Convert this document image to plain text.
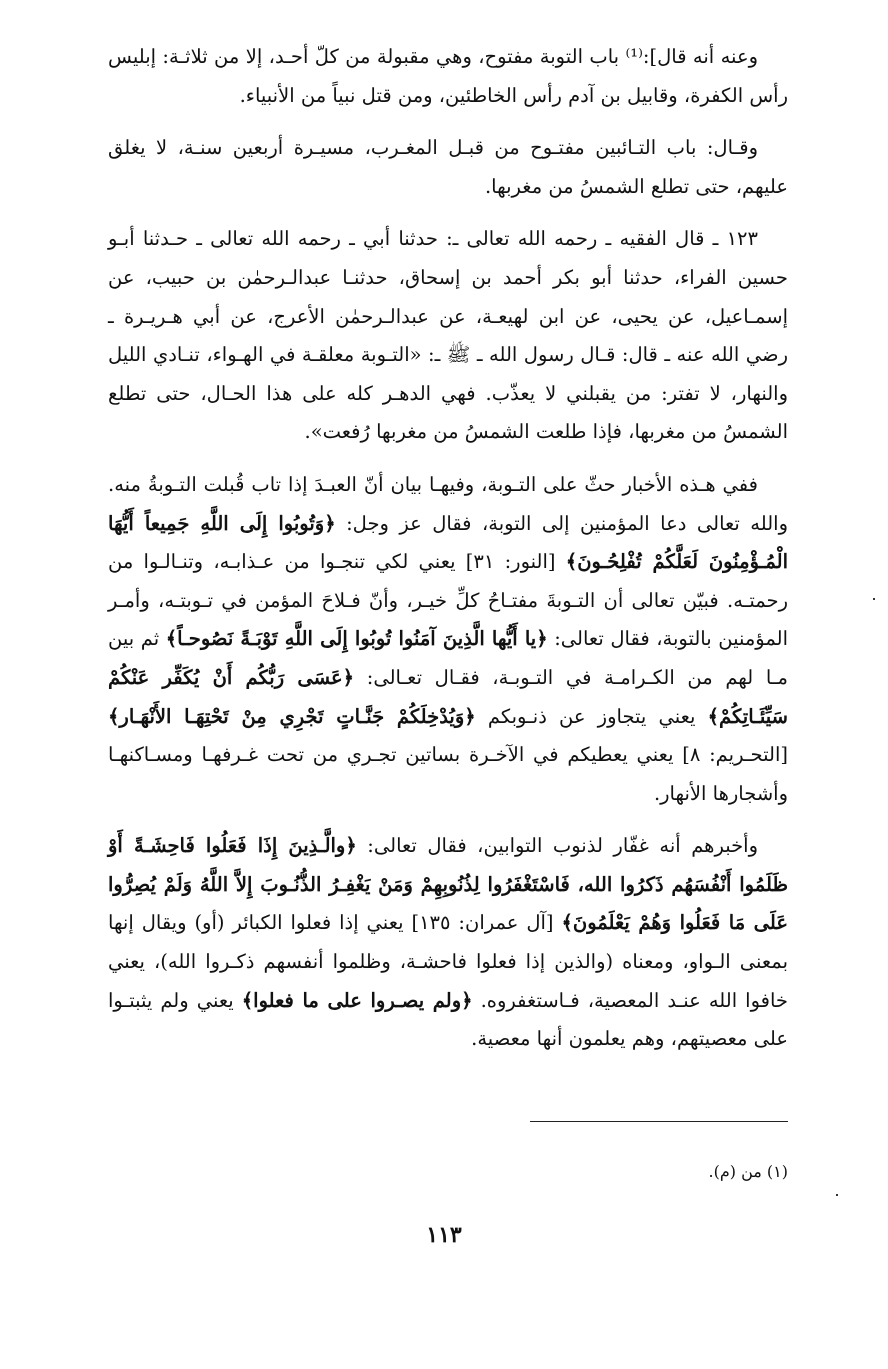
وعنه أنه قال]:⁽¹⁾ باب التوبة مفتوح، وهي مقبولة من كلّ أحـد، إلا من ثلاثـة: إبليس رأس الكفرة، وقابيل بن آدم رأس الخاطئين، ومن قتل نبياً من الأنبياء.

وقـال: باب التـائبين مفتـوح من قبـل المغـرب، مسيـرة أربعين سنـة، لا يغلق عليهم، حتى تطلع الشمسُ من مغربها.

١٢٣ ـ قال الفقيه ـ رحمه الله تعالى ـ: حدثنا أبي ـ رحمه الله تعالى ـ حـدثنا أبـو حسين الفراء، حدثنا أبو بكر أحمد بن إسحاق، حدثنـا عبدالـرحمٰن بن حبيب، عن إسمـاعيل، عن يحيى، عن ابن لهيعـة، عن عبدالـرحمٰن الأعرج، عن أبي هـريـرة ـ رضي الله عنه ـ قال: قـال رسول الله ـ ﷺ ـ: «التـوبة معلقـة في الهـواء، تنـادي الليل والنهار، لا تفتر: من يقبلني لا يعذّب. فهي الدهـر كله على هذا الحـال، حتى تطلع الشمسُ من مغربها، فإذا طلعت الشمسُ من مغربها رُفعت».

ففي هـذه الأخبار حثّ على التـوبة، وفيهـا بيان أنّ العبـدَ إذا تاب قُبلت التـوبةُ منه. والله تعالى دعا المؤمنين إلى التوبة، فقال عز وجل: ﴿وَتُوبُوا إِلَى اللَّهِ جَمِيعاً أَيُّهَا الْمُـؤْمِنُونَ لَعَلَّكُمْ تُفْلِحُـونَ﴾ [النور: ٣١] يعني لكي تنجـوا من عـذابـه، وتنـالـوا من رحمتـه. فبيّن تعالى أن التـوبةَ مفتـاحُ كلِّ خيـر، وأنّ فـلاحَ المؤمن في تـوبتـه، وأمـر المؤمنين بالتوبة، فقال تعالى: ﴿يا أَيُّها الَّذِينَ آمَنُوا تُوبُوا إِلَى اللَّهِ تَوْبَـةً نَصُوحـاً﴾ ثم بين مـا لهم من الكـرامـة في التـوبـة، فقـال تعـالى: ﴿عَسَى رَبُّكُم أَنْ يُكَفِّر عَنْكُمْ سَيِّئَـاتِكُمْ﴾ يعني يتجاوز عن ذنـوبكم ﴿وَيُدْخِلَكُمْ جَنَّـاتٍ تَجْرِي مِنْ تَحْتِهَـا الأَنْهَـار﴾ [التحـريم: ٨] يعني يعطيكم في الآخـرة بساتين تجـري من تحت غـرفهـا ومسـاكنهـا وأشجارها الأنهار.

وأخبرهم أنه غفّار لذنوب التوابين، فقال تعالى: ﴿والَّـذِينَ إِذَا فَعَلُوا فَاحِشَـةً أَوْ ظَلَمُوا أَنْفُسَهُم ذَكرُوا الله، فَاسْتَغْفَرُوا لِذُنُوبِهِمْ وَمَنْ يَغْفِـرُ الذُّنُـوبَ إِلاَّ اللَّهُ وَلَمْ يُصِرُّوا عَلَى مَا فَعَلُوا وَهُمْ يَعْلَمُونَ﴾ [آل عمران: ١٣٥] يعني إذا فعلوا الكبائر (أو) ويقال إنها بمعنى الـواو، ومعناه (والذين إذا فعلوا فاحشـة، وظلموا أنفسهم ذكـروا الله)، يعني خافوا الله عنـد المعصية، فـاستغفروه. ﴿ولم يصـروا على ما فعلوا﴾ يعني ولم يثبتـوا على معصيتهم، وهم يعلمون أنها معصية.

(١) من (م).
١١٣
